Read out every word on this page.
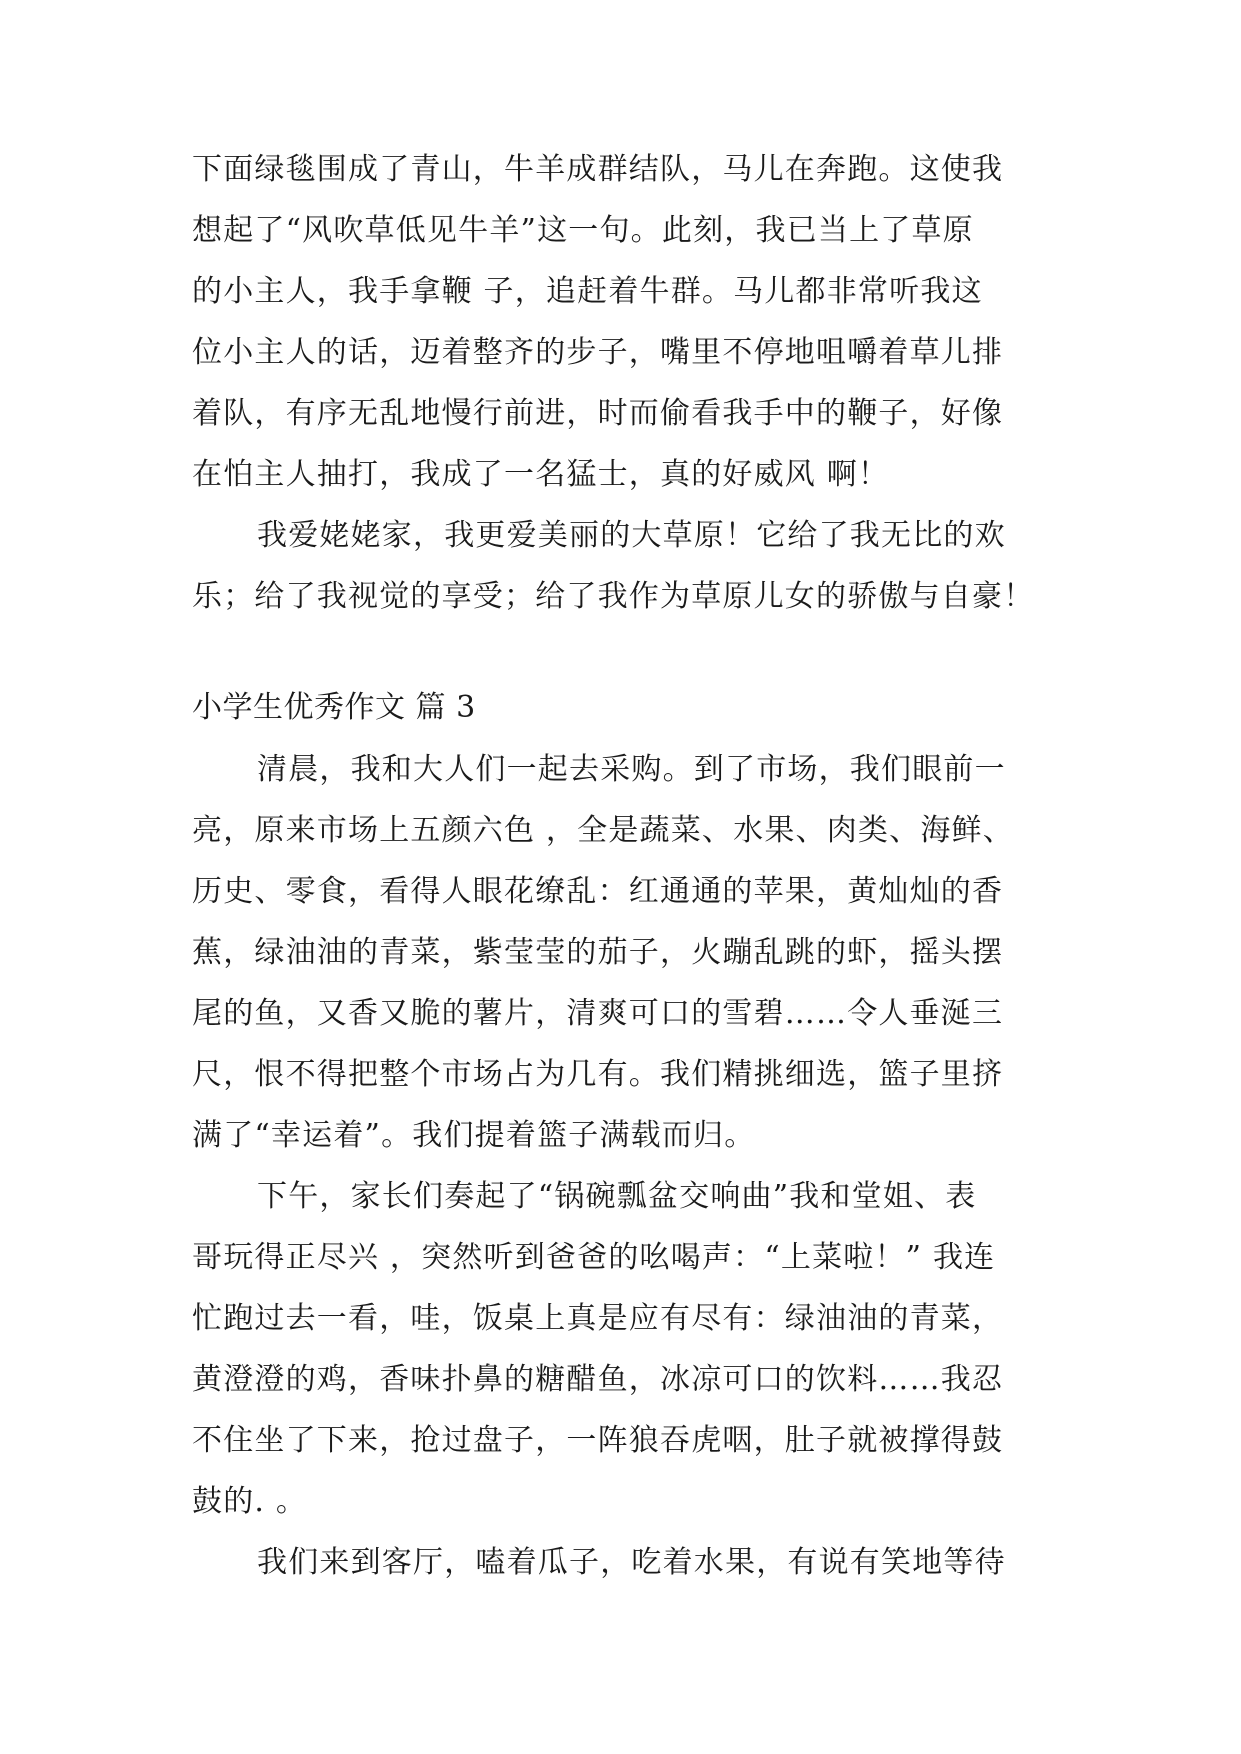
下面绿毯围成了青山，牛羊成群结队，马儿在奔跑。这使我
想起了“风吹草低见牛羊”这一句。此刻，我已当上了草原
的小主人，我手拿鞭 子，追赶着牛群。马儿都非常听我这
位小主人的话，迈着整齐的步子，嘴里不停地咀嚼着草儿排
着队，有序无乱地慢行前进，时而偷看我手中的鞭子，好像
在怕主人抽打，我成了一名猛士，真的好威风 啊！
我爱姥姥家，我更爱美丽的大草原！它给了我无比的欢
乐；给了我视觉的享受；给了我作为草原儿女的骄傲与自豪！
小学生优秀作文 篇 3
清晨，我和大人们一起去采购。到了市场，我们眼前一
亮，原来市场上五颜六色 ，全是蔬菜、水果、肉类、海鲜、
历史、零食，看得人眼花缭乱：红通通的苹果，黄灿灿的香
蕉，绿油油的青菜，紫莹莹的茄子，火蹦乱跳的虾，摇头摆
尾的鱼，又香又脆的薯片，清爽可口的雪碧……令人垂涎三
尺，恨不得把整个市场占为几有。我们精挑细选，篮子里挤
满了“幸运着”。我们提着篮子满载而归。
下午，家长们奏起了“锅碗瓢盆交响曲”我和堂姐、表
哥玩得正尽兴 ，突然听到爸爸的吆喝声：“上菜啦！” 我连
忙跑过去一看，哇，饭桌上真是应有尽有：绿油油的青菜，
黄澄澄的鸡，香味扑鼻的糖醋鱼，冰凉可口的饮料……我忍
不住坐了下来，抢过盘子，一阵狼吞虎咽，肚子就被撑得鼓
鼓的. 。
我们来到客厅，嗑着瓜子，吃着水果，有说有笑地等待
